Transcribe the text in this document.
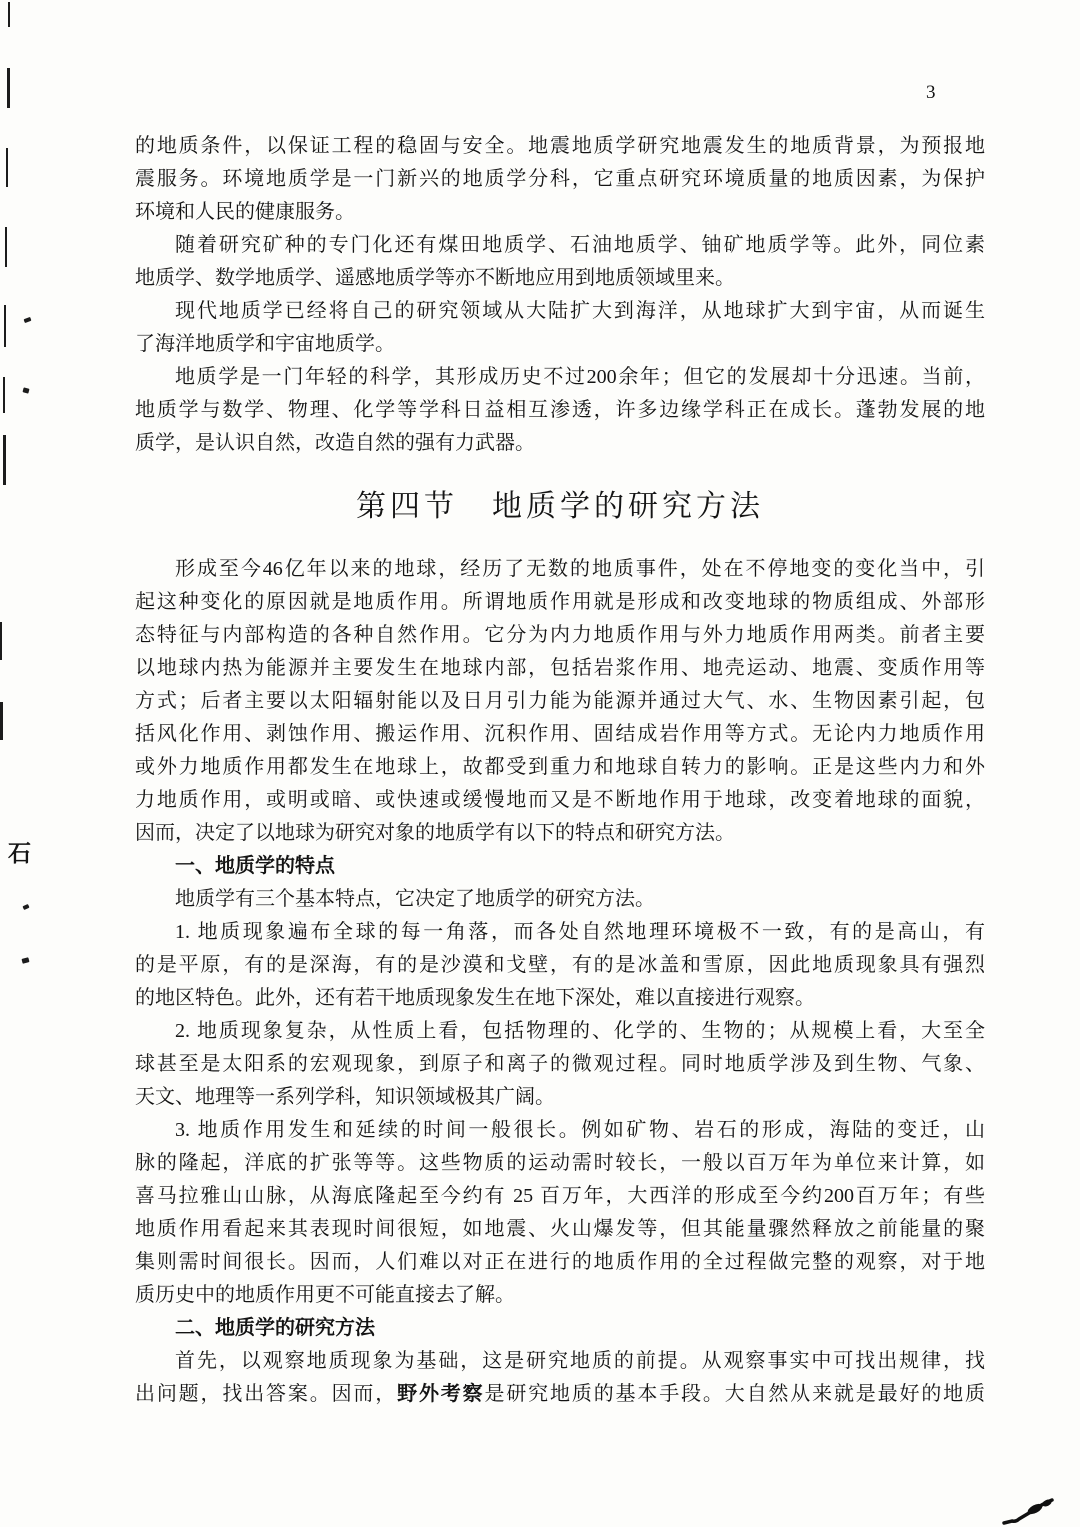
3
石
的地质条件，以保证工程的稳固与安全。地震地质学研究地震发生的地质背景，为预报地
震服务。环境地质学是一门新兴的地质学分科，它重点研究环境质量的地质因素，为保护
环境和人民的健康服务。
随着研究矿种的专门化还有煤田地质学、石油地质学、铀矿地质学等。此外，同位素
地质学、数学地质学、遥感地质学等亦不断地应用到地质领域里来。
现代地质学已经将自己的研究领域从大陆扩大到海洋，从地球扩大到宇宙，从而诞生
了海洋地质学和宇宙地质学。
地质学是一门年轻的科学，其形成历史不过200余年；但它的发展却十分迅速。当前，
地质学与数学、物理、化学等学科日益相互渗透，许多边缘学科正在成长。蓬勃发展的地
质学，是认识自然，改造自然的强有力武器。
第四节　地质学的研究方法
形成至今46亿年以来的地球，经历了无数的地质事件，处在不停地变的变化当中，引
起这种变化的原因就是地质作用。所谓地质作用就是形成和改变地球的物质组成、外部形
态特征与内部构造的各种自然作用。它分为内力地质作用与外力地质作用两类。前者主要
以地球内热为能源并主要发生在地球内部，包括岩浆作用、地壳运动、地震、变质作用等
方式；后者主要以太阳辐射能以及日月引力能为能源并通过大气、水、生物因素引起，包
括风化作用、剥蚀作用、搬运作用、沉积作用、固结成岩作用等方式。无论内力地质作用
或外力地质作用都发生在地球上，故都受到重力和地球自转力的影响。正是这些内力和外
力地质作用，或明或暗、或快速或缓慢地而又是不断地作用于地球，改变着地球的面貌，
因而，决定了以地球为研究对象的地质学有以下的特点和研究方法。
一、地质学的特点
地质学有三个基本特点，它决定了地质学的研究方法。
1. 地质现象遍布全球的每一角落，而各处自然地理环境极不一致，有的是高山，有
的是平原，有的是深海，有的是沙漠和戈壁，有的是冰盖和雪原，因此地质现象具有强烈
的地区特色。此外，还有若干地质现象发生在地下深处，难以直接进行观察。
2. 地质现象复杂，从性质上看，包括物理的、化学的、生物的；从规模上看，大至全
球甚至是太阳系的宏观现象，到原子和离子的微观过程。同时地质学涉及到生物、气象、
天文、地理等一系列学科，知识领域极其广阔。
3. 地质作用发生和延续的时间一般很长。例如矿物、岩石的形成，海陆的变迁，山
脉的隆起，洋底的扩张等等。这些物质的运动需时较长，一般以百万年为单位来计算，如
喜马拉雅山山脉，从海底隆起至今约有 25 百万年，大西洋的形成至今约200百万年；有些
地质作用看起来其表现时间很短，如地震、火山爆发等，但其能量骤然释放之前能量的聚
集则需时间很长。因而，人们难以对正在进行的地质作用的全过程做完整的观察，对于地
质历史中的地质作用更不可能直接去了解。
二、地质学的研究方法
首先，以观察地质现象为基础，这是研究地质的前提。从观察事实中可找出规律，找
出问题，找出答案。因而，野外考察是研究地质的基本手段。大自然从来就是最好的地质
